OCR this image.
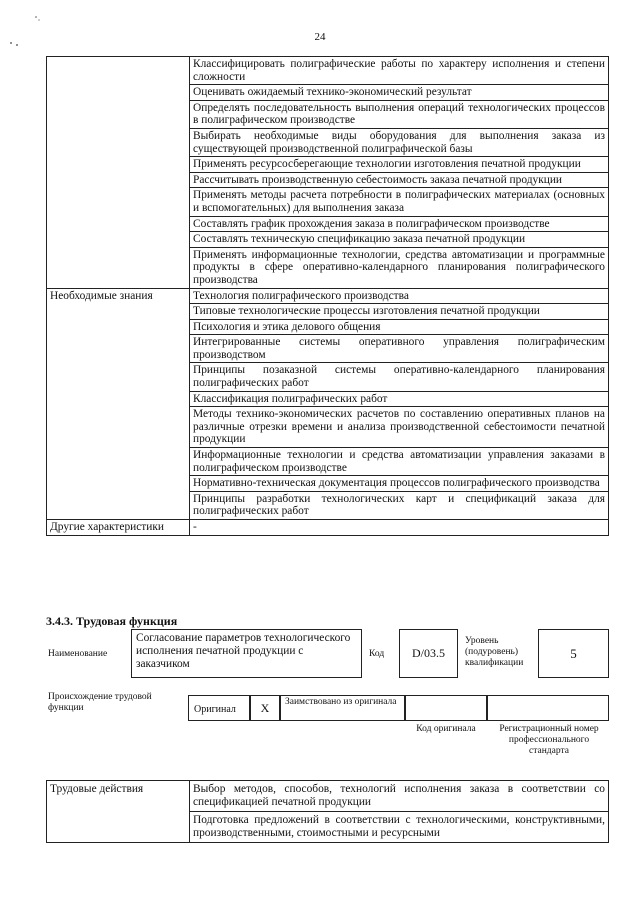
24
	Классифицировать полиграфические работы по характеру исполнения и степени сложности
	Оценивать ожидаемый технико-экономический результат
	Определять последовательность выполнения операций технологических процессов в полиграфическом производстве
	Выбирать необходимые виды оборудования для выполнения заказа из существующей производственной полиграфической базы
	Применять ресурсосберегающие технологии изготовления печатной продукции
	Рассчитывать производственную себестоимость заказа печатной продукции
	Применять методы расчета потребности в полиграфических материалах (основных и вспомогательных) для выполнения заказа
	Составлять график прохождения заказа в полиграфическом производстве
	Составлять техническую спецификацию заказа печатной продукции
	Применять информационные технологии, средства автоматизации и программные продукты в сфере оперативно-календарного планирования полиграфического производства
Необходимые знания	Технология полиграфического производства
	Типовые технологические процессы изготовления печатной продукции
	Психология и этика делового общения
	Интегрированные системы оперативного управления полиграфическим производством
	Принципы позаказной системы оперативно-календарного планирования полиграфических работ
	Классификация полиграфических работ
	Методы технико-экономических расчетов по составлению оперативных планов на различные отрезки времени и анализа производственной себестоимости печатной продукции
	Информационные технологии и средства автоматизации управления заказами в полиграфическом производстве
	Нормативно-техническая документация процессов полиграфического производства
	Принципы разработки технологических карт и спецификаций заказа для полиграфических работ
Другие характеристики	-
3.4.3. Трудовая функция
Наименование
Согласование параметров технологического исполнения печатной продукции с заказчиком
Код	D/03.5
Уровень (подуровень) квалификации
5
Происхождение трудовой функции	Оригинал	X	Заимствовано из оригинала
Код оригинала	Регистрационный номер профессионального стандарта
Трудовые действия	Выбор методов, способов, технологий исполнения заказа в соответствии со спецификацией печатной продукции
	Подготовка предложений в соответствии с технологическими, конструктивными, производственными, стоимостными и ресурсными
